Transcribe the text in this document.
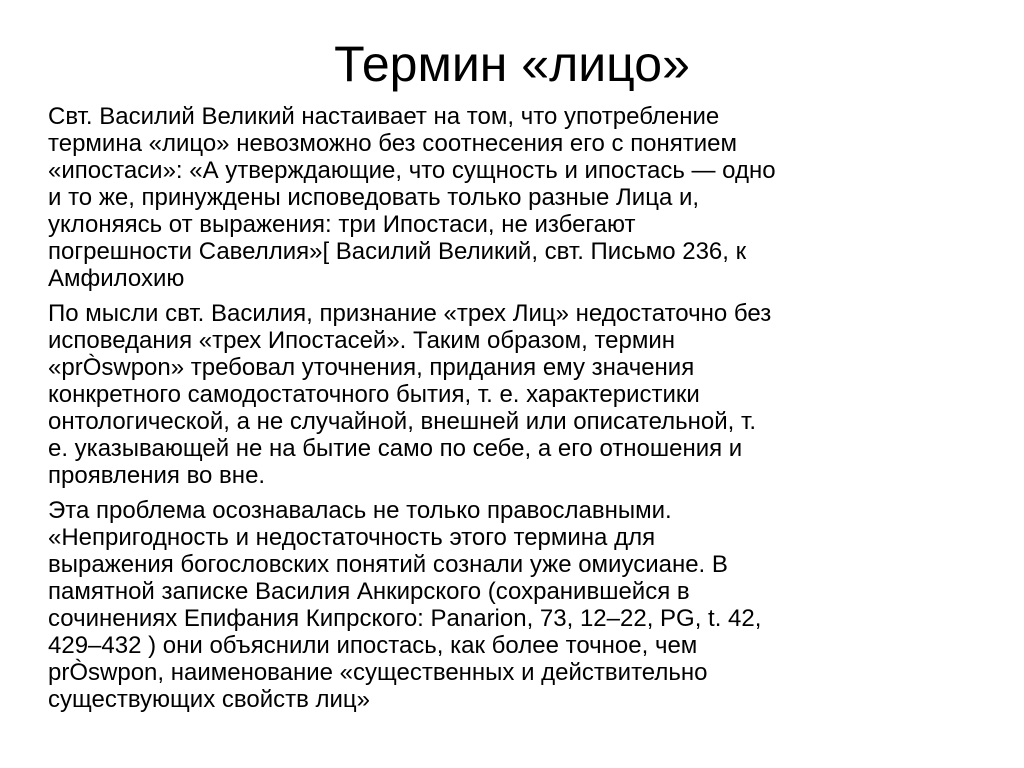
Термин «лицо»

Свт. Василий Великий настаивает на том, что употребление
термина «лицо» невозможно без соотнесения его с понятием
«ипостаси»: «А утверждающие, что сущность и ипостась — одно
и то же, принуждены исповедовать только разные Лица и,
уклоняясь от выражения: три Ипостаси, не избегают
погрешности Савеллия»[ Василий Великий, свт. Письмо 236, к
Амфилохию

По мысли свт. Василия, признание «трех Лиц» недостаточно без
исповедания «трех Ипостасей». Таким образом, термин
«prÒswpon» требовал уточнения, придания ему значения
конкретного самодостаточного бытия, т. е. характеристики
онтологической, а не случайной, внешней или описательной, т.
е. указывающей не на бытие само по себе, а его отношения и
проявления во вне.

Эта проблема осознавалась не только православными.
«Непригодность и недостаточность этого термина для
выражения богословских понятий сознали уже омиусиане. В
памятной записке Василия Анкирского (сохранившейся в
сочинениях Епифания Кипрского: Panarion, 73, 12–22, PG, t. 42,
429–432 ) они объяснили ипостась, как более точное, чем
prÒswpon, наименование «существенных и действительно
существующих свойств лиц»
